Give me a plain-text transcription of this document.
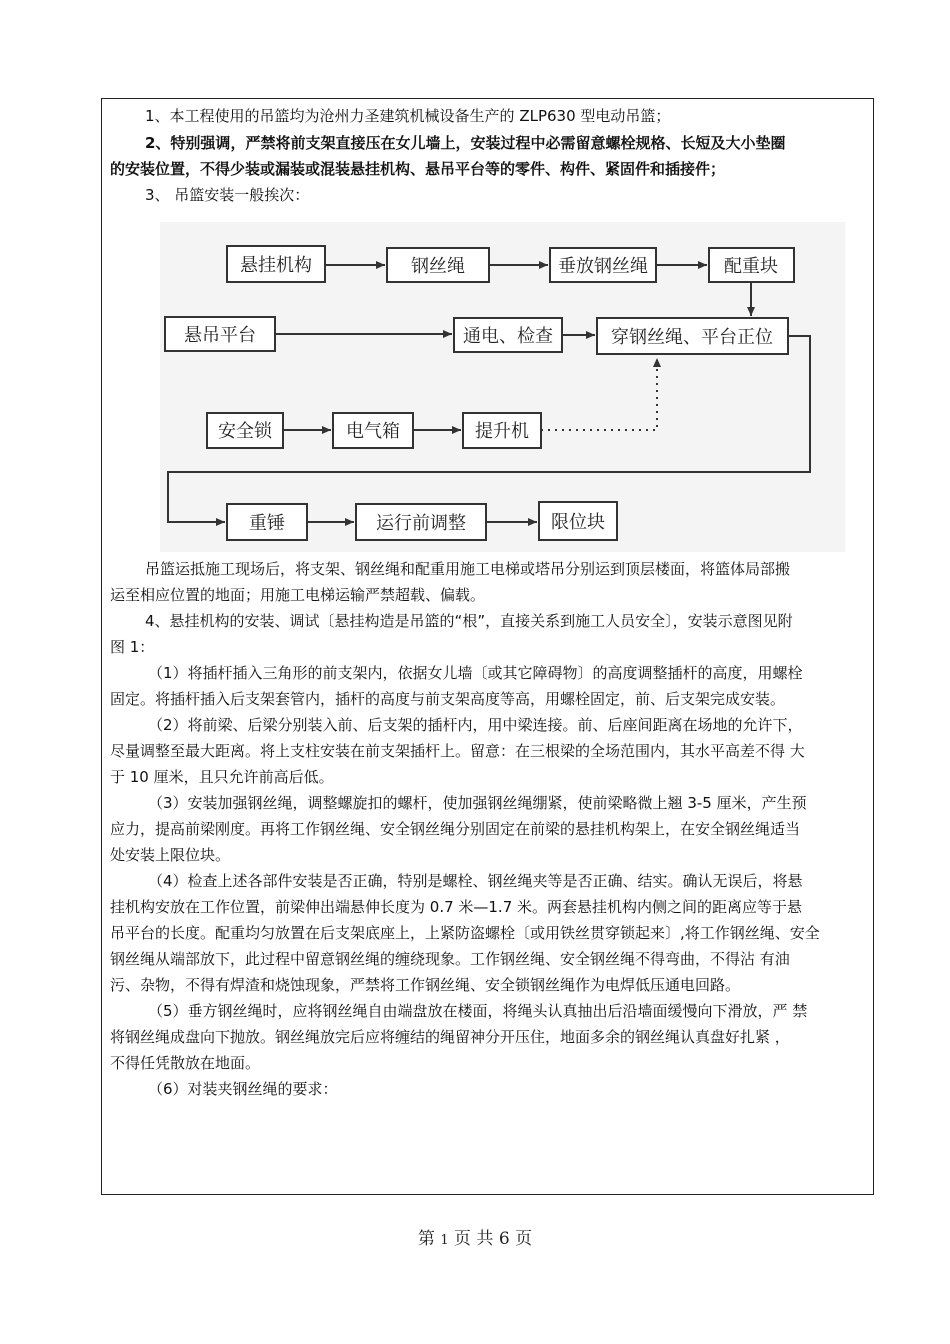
1、本工程使用的吊篮均为沧州力圣建筑机械设备生产的 ZLP630 型电动吊篮；
2、特别强调，严禁将前支架直接压在女儿墙上，安装过程中必需留意螺栓规格、长短及大小垫圈
的安装位置，不得少装或漏装或混装悬挂机构、悬吊平台等的零件、构件、紧固件和插接件；
3、 吊篮安装一般挨次：
悬挂机构	钢丝绳	垂放钢丝绳	配重块
悬吊平台	通电、检查	穿钢丝绳、平台正位
安全锁	电气箱	提升机
重锤	运行前调整	限位块
吊篮运抵施工现场后，将支架、钢丝绳和配重用施工电梯或塔吊分别运到顶层楼面，将篮体局部搬
运至相应位置的地面；用施工电梯运输严禁超载、偏载。
4、悬挂机构的安装、调试〔悬挂构造是吊篮的“根”，直接关系到施工人员安全〕，安装示意图见附
图 1：
（1）将插杆插入三角形的前支架内，依据女儿墙〔或其它障碍物〕的高度调整插杆的高度，用螺栓
固定。将插杆插入后支架套管内，插杆的高度与前支架高度等高，用螺栓固定，前、后支架完成安装。
（2）将前梁、后梁分别装入前、后支架的插杆内，用中梁连接。前、后座间距离在场地的允许下，
尽量调整至最大距离。将上支柱安装在前支架插杆上。留意：在三根梁的全场范围内，其水平高差不得 大
于 10 厘米，且只允许前高后低。
（3）安装加强钢丝绳，调整螺旋扣的螺杆，使加强钢丝绳绷紧，使前梁略微上翘 3-5 厘米，产生预
应力，提高前梁刚度。再将工作钢丝绳、安全钢丝绳分别固定在前梁的悬挂机构架上，在安全钢丝绳适当
处安装上限位块。
（4）检查上述各部件安装是否正确，特别是螺栓、钢丝绳夹等是否正确、结实。确认无误后，将悬
挂机构安放在工作位置，前梁伸出端悬伸长度为 0.7 米—1.7 米。两套悬挂机构内侧之间的距离应等于悬
吊平台的长度。配重均匀放置在后支架底座上，上紧防盗螺栓〔或用铁丝贯穿锁起来〕,将工作钢丝绳、安全
钢丝绳从端部放下，此过程中留意钢丝绳的缠绕现象。工作钢丝绳、安全钢丝绳不得弯曲，不得沾 有油
污、杂物，不得有焊渣和烧蚀现象，严禁将工作钢丝绳、安全锁钢丝绳作为电焊低压通电回路。
（5）垂方钢丝绳时，应将钢丝绳自由端盘放在楼面，将绳头认真抽出后沿墙面缓慢向下滑放，严 禁
将钢丝绳成盘向下抛放。钢丝绳放完后应将缠结的绳留神分开压住，地面多余的钢丝绳认真盘好扎紧 ，
不得任凭散放在地面。
（6）对装夹钢丝绳的要求：
第 1 页 共 6 页
